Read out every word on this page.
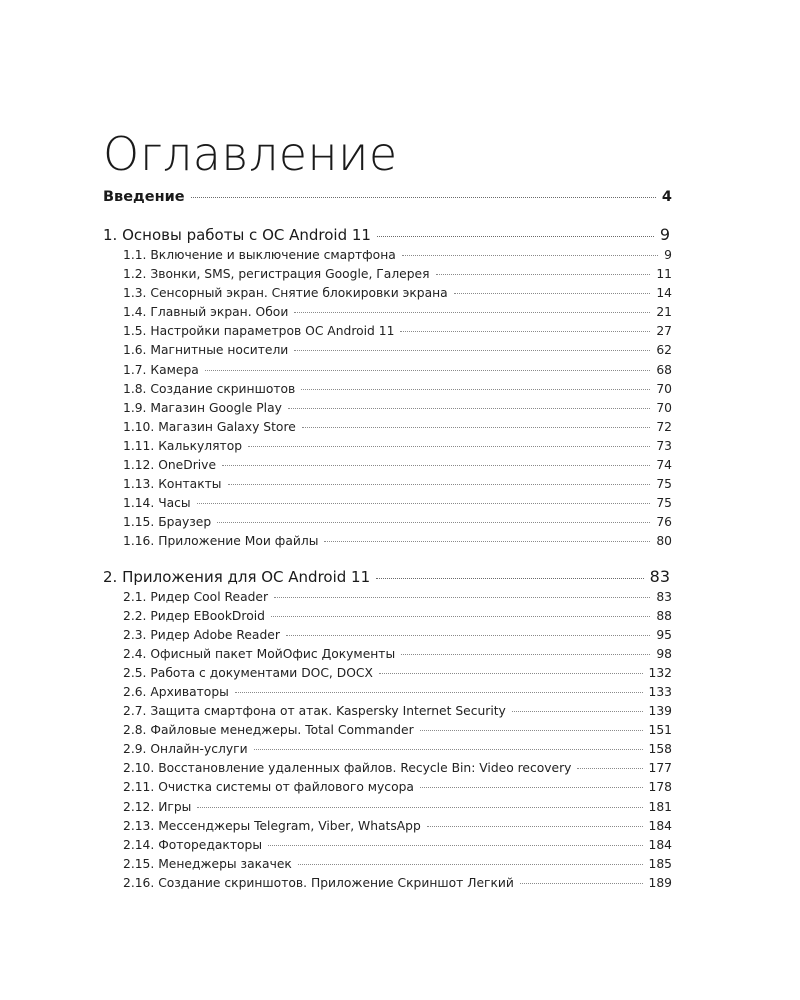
Оглавление
Введение	4
1. Основы работы с ОС Android 11	9
1.1. Включение и выключение смартфона	9
1.2. Звонки, SMS, регистрация Google, Галерея	11
1.3. Сенсорный экран. Снятие блокировки экрана	14
1.4. Главный экран. Обои	21
1.5. Настройки параметров ОС Android 11	27
1.6. Магнитные носители	62
1.7. Камера	68
1.8. Создание скриншотов	70
1.9. Магазин Google Play	70
1.10. Магазин Galaxy Store	72
1.11. Калькулятор	73
1.12. OneDrive	74
1.13. Контакты	75
1.14. Часы	75
1.15. Браузер	76
1.16. Приложение Мои файлы	80
2. Приложения для ОС Android 11	83
2.1. Ридер Cool Reader	83
2.2. Ридер EBookDroid	88
2.3. Ридер Adobe Reader	95
2.4. Офисный пакет МойОфис Документы	98
2.5. Работа с документами DOC, DOCX	132
2.6. Архиваторы	133
2.7. Защита смартфона от атак. Kaspersky Internet Security	139
2.8. Файловые менеджеры. Total Commander	151
2.9. Онлайн-услуги	158
2.10. Восстановление удаленных файлов. Recycle Bin: Video recovery	177
2.11. Очистка системы от файлового мусора	178
2.12. Игры	181
2.13. Мессенджеры Telegram, Viber, WhatsApp	184
2.14. Фоторедакторы	184
2.15. Менеджеры закачек	185
2.16. Создание скриншотов. Приложение Скриншот Легкий	189
